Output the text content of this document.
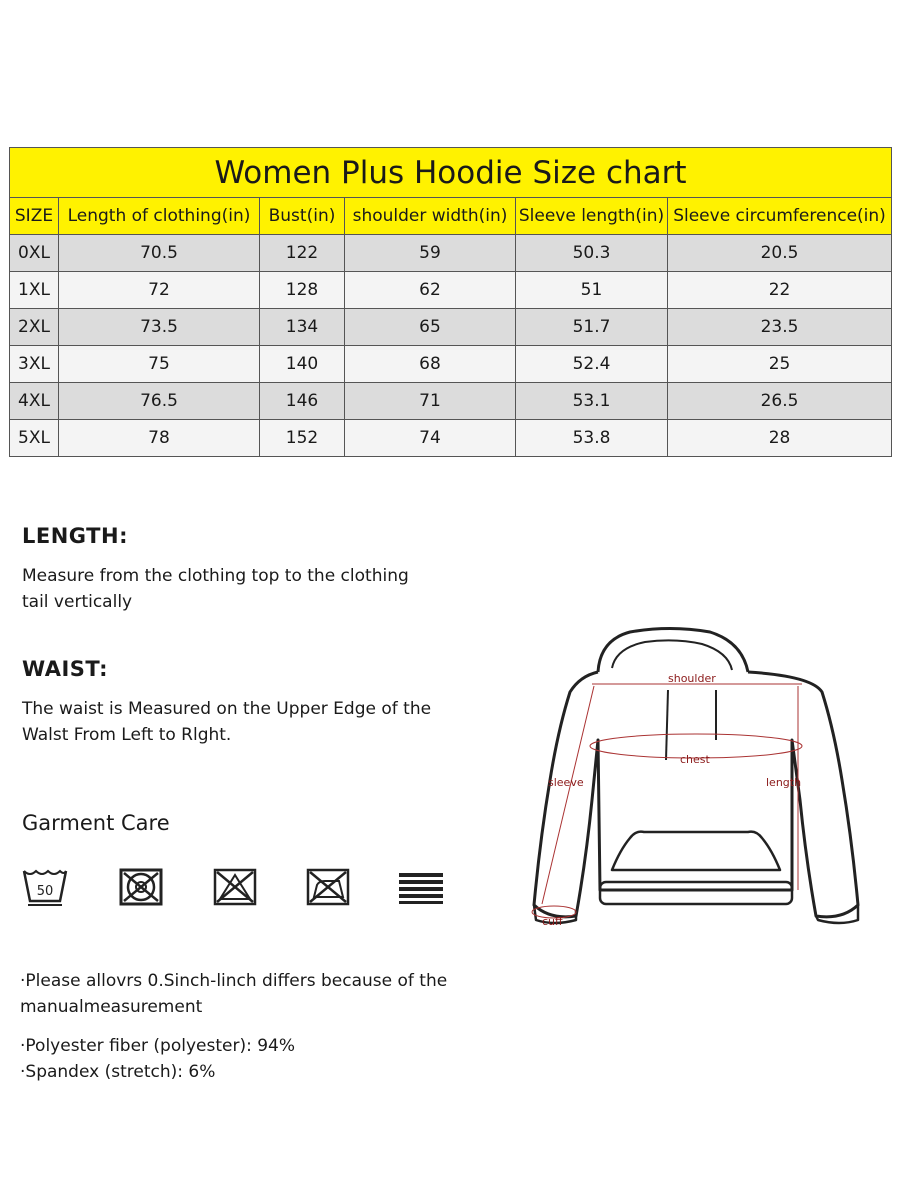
Women Plus Hoodie Size chart					
SIZE	Length of clothing(in)	Bust(in)	shoulder width(in)	Sleeve length(in)	Sleeve circumference(in)
0XL	70.5	122	59	50.3	20.5
1XL	72	128	62	51	22
2XL	73.5	134	65	51.7	23.5
3XL	75	140	68	52.4	25
4XL	76.5	146	71	53.1	26.5
5XL	78	152	74	53.8	28
LENGTH:
Measure from the clothing top to the clothing
tail vertically
WAIST:
The waist is Measured on the Upper Edge of the
Walst From Left to Rlght.
Garment Care
50
·Please allovrs 0.Sinch-linch differs because of the
manualmeasurement
·Polyester fiber (polyester): 94%
·Spandex (stretch): 6%
shoulder
chest
sleeve	length
cuff
